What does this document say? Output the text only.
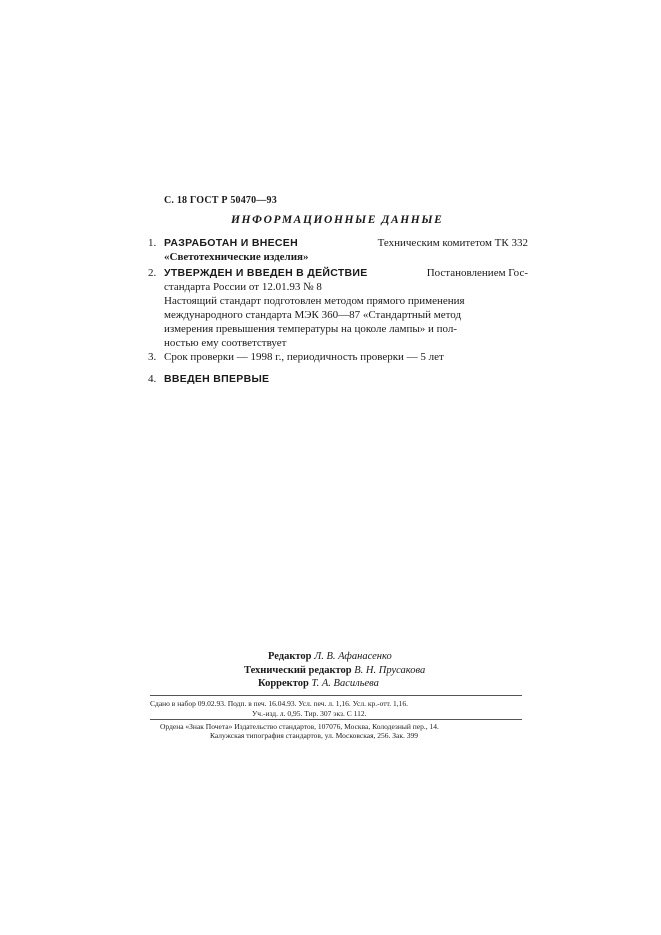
С. 18 ГОСТ Р 50470—93
ИНФОРМАЦИОННЫЕ ДАННЫЕ
1. РАЗРАБОТАН И ВНЕСЕН	Техническим комитетом ТК 332
«Светотехнические изделия»
2. УТВЕРЖДЕН И ВВЕДЕН В ДЕЙСТВИЕ	Постановлением Гос-
стандарта России от 12.01.93 № 8
Настоящий стандарт подготовлен методом прямого применения
международного стандарта МЭК 360—87 «Стандартный метод
измерения превышения температуры на цоколе лампы» и пол-
ностью ему соответствует
3. Срок проверки — 1998 г., периодичность проверки — 5 лет
4. ВВЕДЕН ВПЕРВЫЕ
Редактор Л. В. Афанасенко
Технический редактор В. Н. Прусакова
Корректор Т. А. Васильева
Сдано в набор 09.02.93. Подп. в печ. 16.04.93. Усл. печ. л. 1,16. Усл. кр.-отт. 1,16.
Уч.-изд. л. 0,95. Тир. 307 экз. С 112.
Ордена «Знак Почета» Издательство стандартов, 107076, Москва, Колодезный пер., 14.
Калужская типография стандартов, ул. Московская, 256. Зак. 399
